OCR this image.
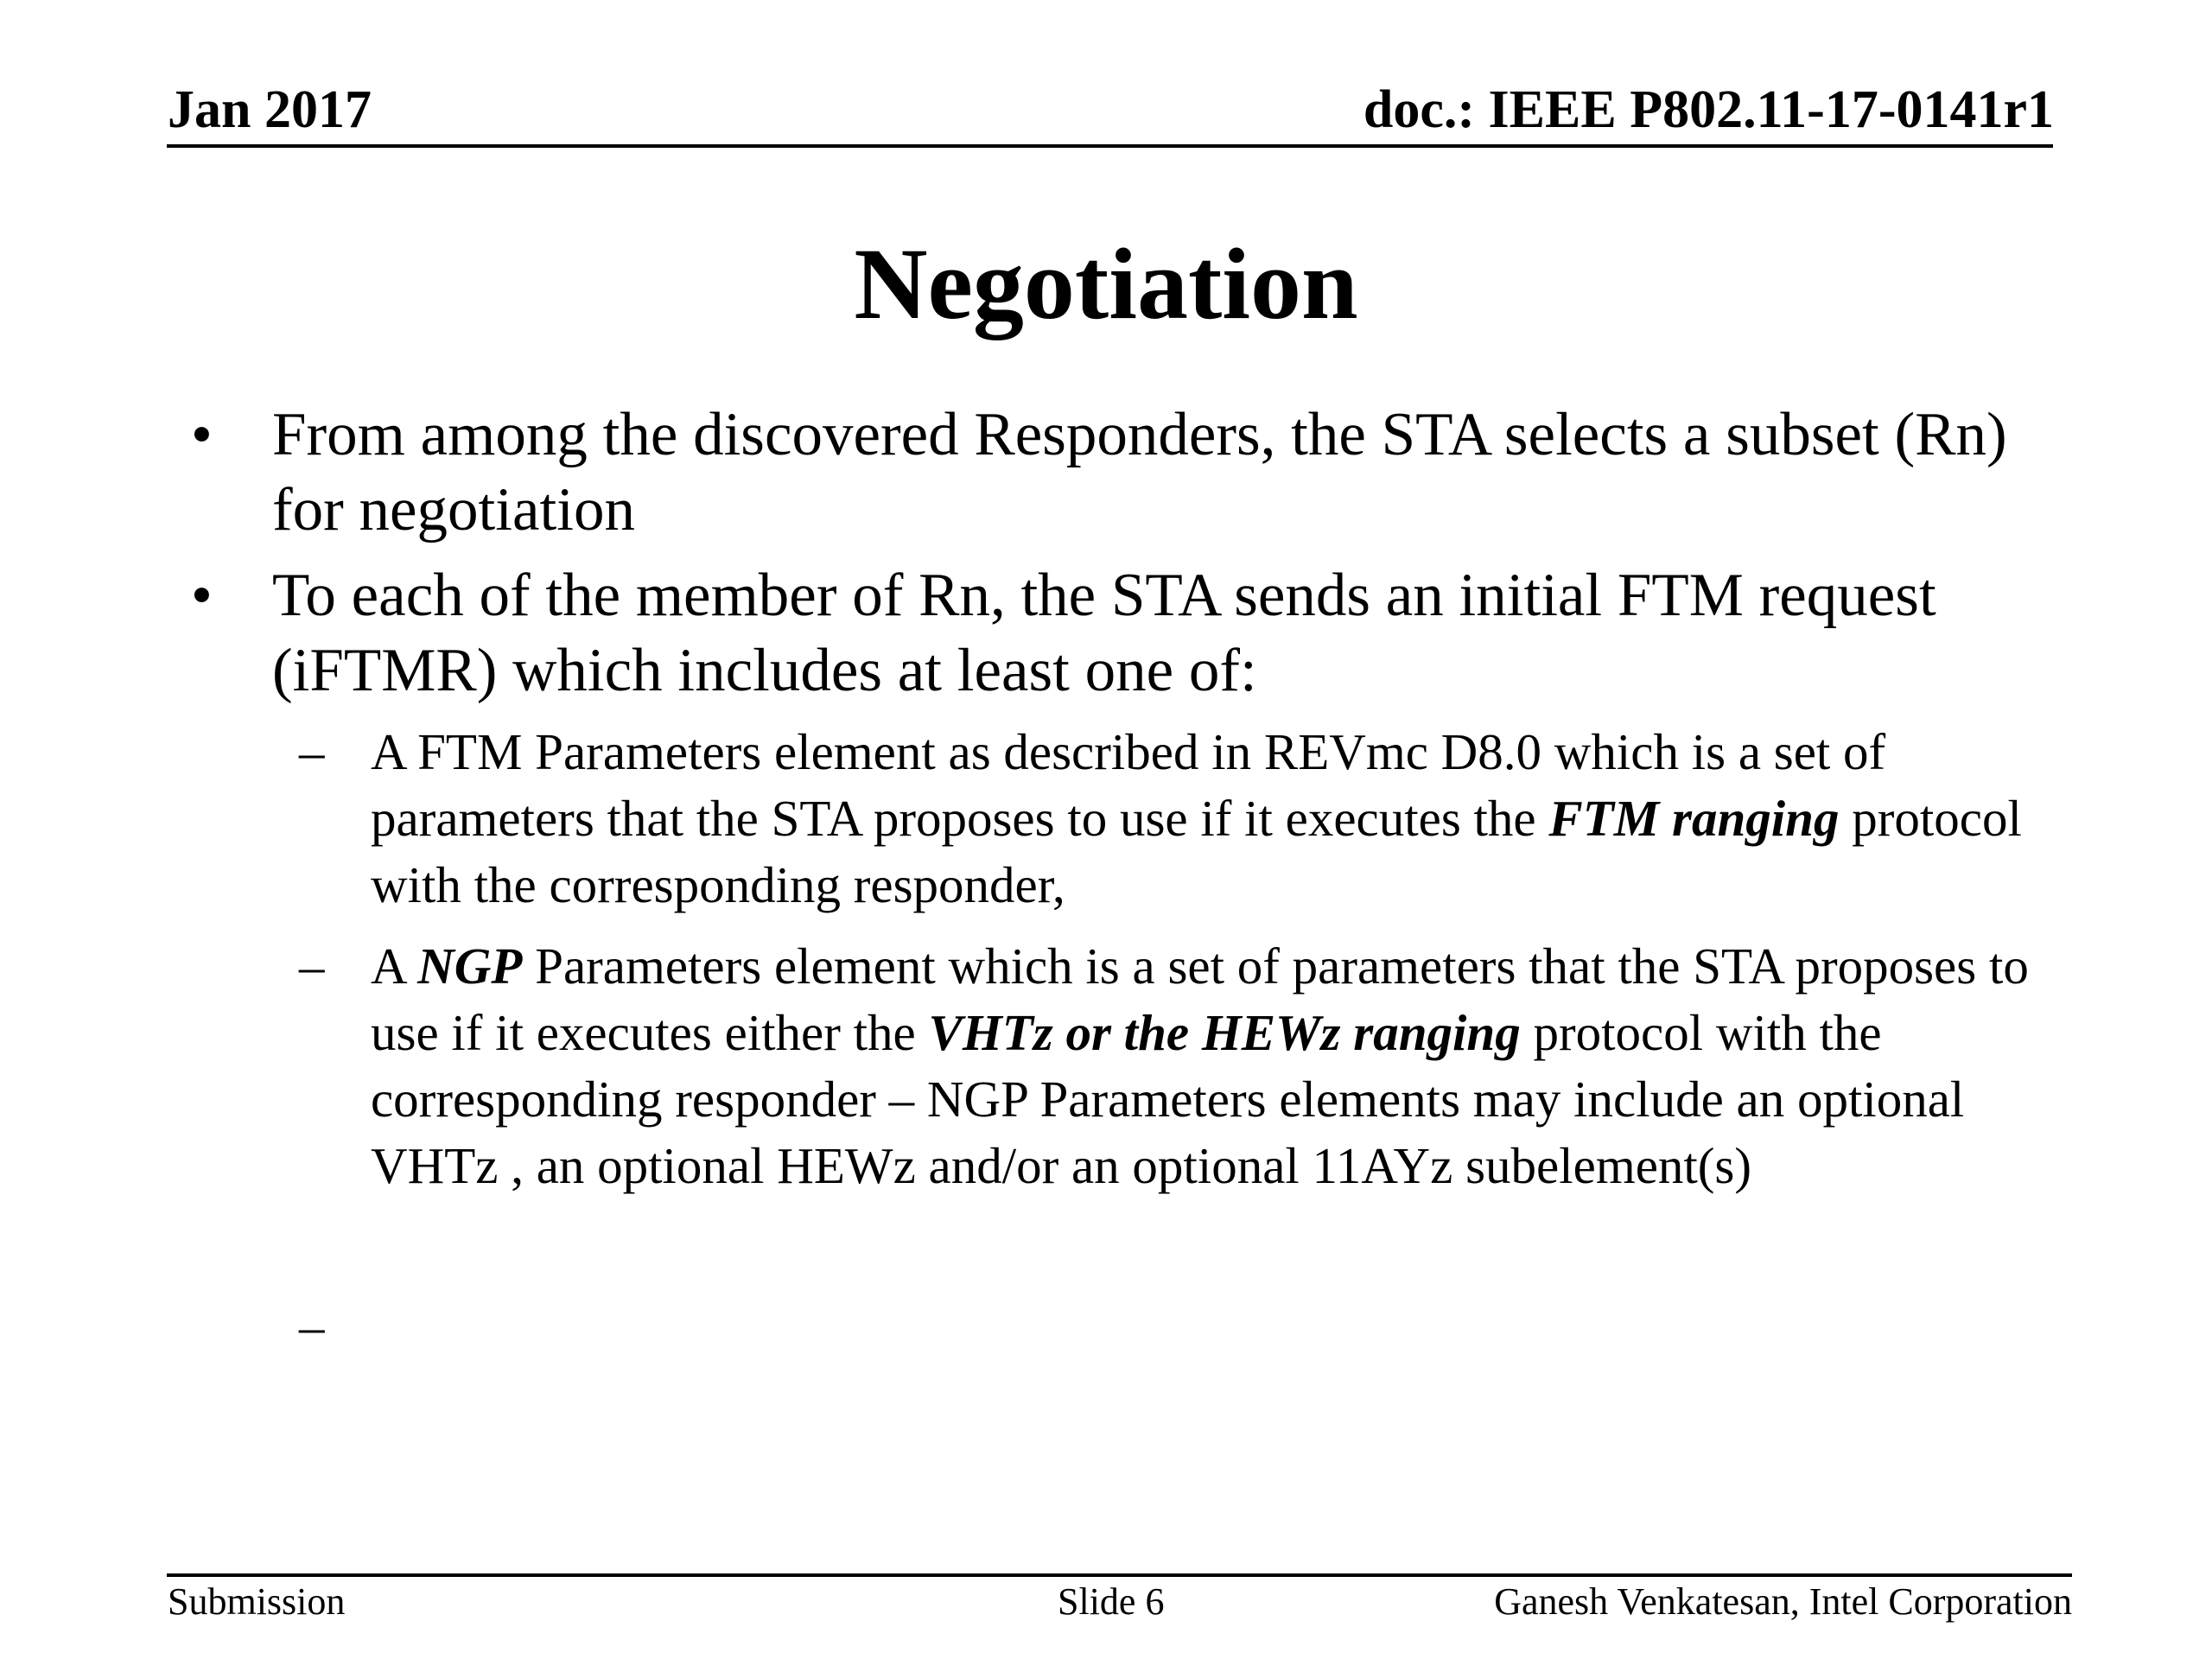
Jan 2017	doc.: IEEE P802.11-17-0141r1
Negotiation
• From among the discovered Responders, the STA selects a subset (Rn) for negotiation
• To each of the member of Rn, the STA sends an initial FTM request (iFTMR) which includes at least one of:
– A FTM Parameters element as described in REVmc D8.0 which is a set of parameters that the STA proposes to use if it executes the FTM ranging protocol with the corresponding responder,
– A NGP Parameters element which is a set of parameters that the STA proposes to use if it executes either the VHTz or the HEWz ranging protocol with the corresponding responder – NGP Parameters elements may include an optional VHTz , an optional HEWz and/or an optional 11AYz subelement(s)
–
Submission	Slide 6	Ganesh Venkatesan, Intel Corporation
